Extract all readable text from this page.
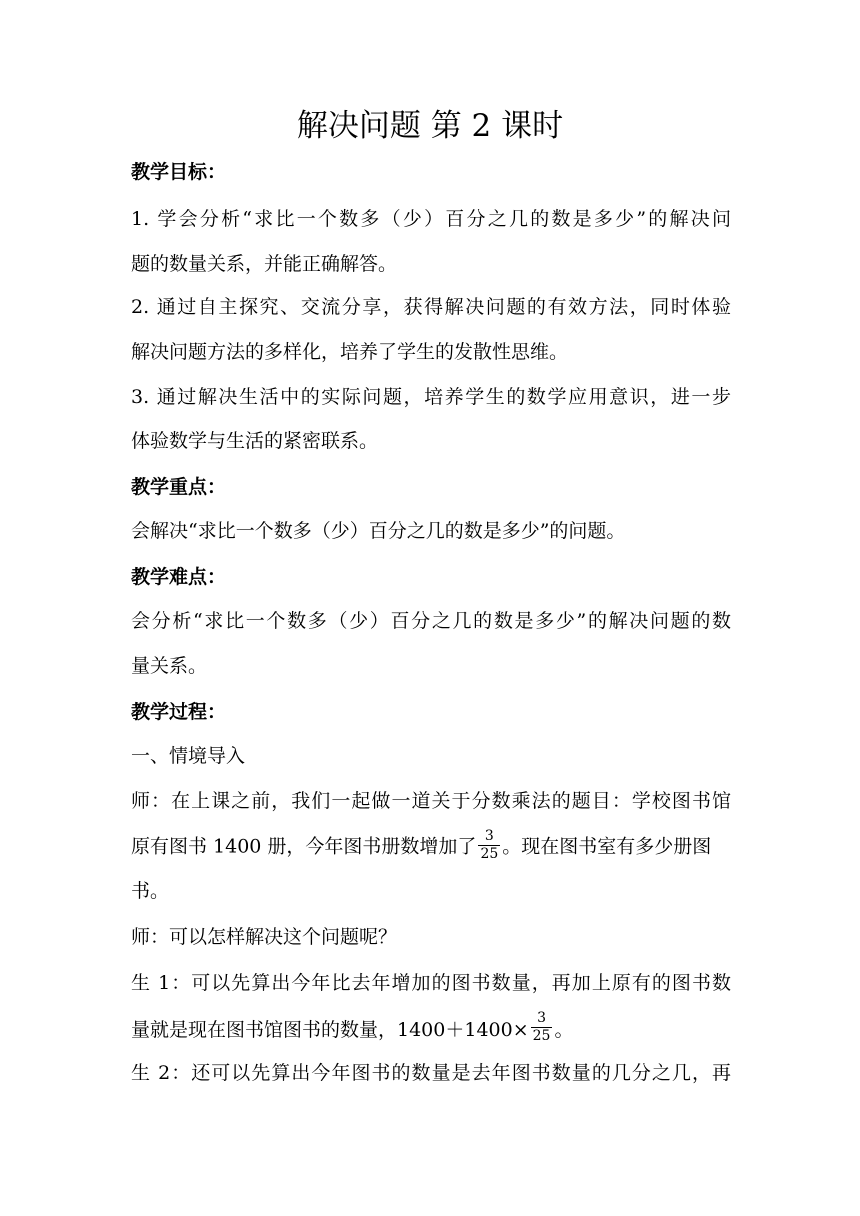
解决问题 第 2 课时
教学目标：
1. 学会分析“求比一个数多（少）百分之几的数是多少”的解决问
题的数量关系，并能正确解答。
2. 通过自主探究、交流分享，获得解决问题的有效方法，同时体验
解决问题方法的多样化，培养了学生的发散性思维。
3. 通过解决生活中的实际问题，培养学生的数学应用意识，进一步
体验数学与生活的紧密联系。
教学重点：
会解决“求比一个数多（少）百分之几的数是多少”的问题。
教学难点：
会分析“求比一个数多（少）百分之几的数是多少”的解决问题的数
量关系。
教学过程：
一、情境导入
师：在上课之前，我们一起做一道关于分数乘法的题目：学校图书馆
原有图书 1400 册，今年图书册数增加了 $\frac{3}{25}$ 。现在图书室有多少册图
书。
师：可以怎样解决这个问题呢？
生 1：可以先算出今年比去年增加的图书数量，再加上原有的图书数
量就是现在图书馆图书的数量，$1400+1400\times \frac{3}{25}$ 。
生 2：还可以先算出今年图书的数量是去年图书数量的几分之几，再
